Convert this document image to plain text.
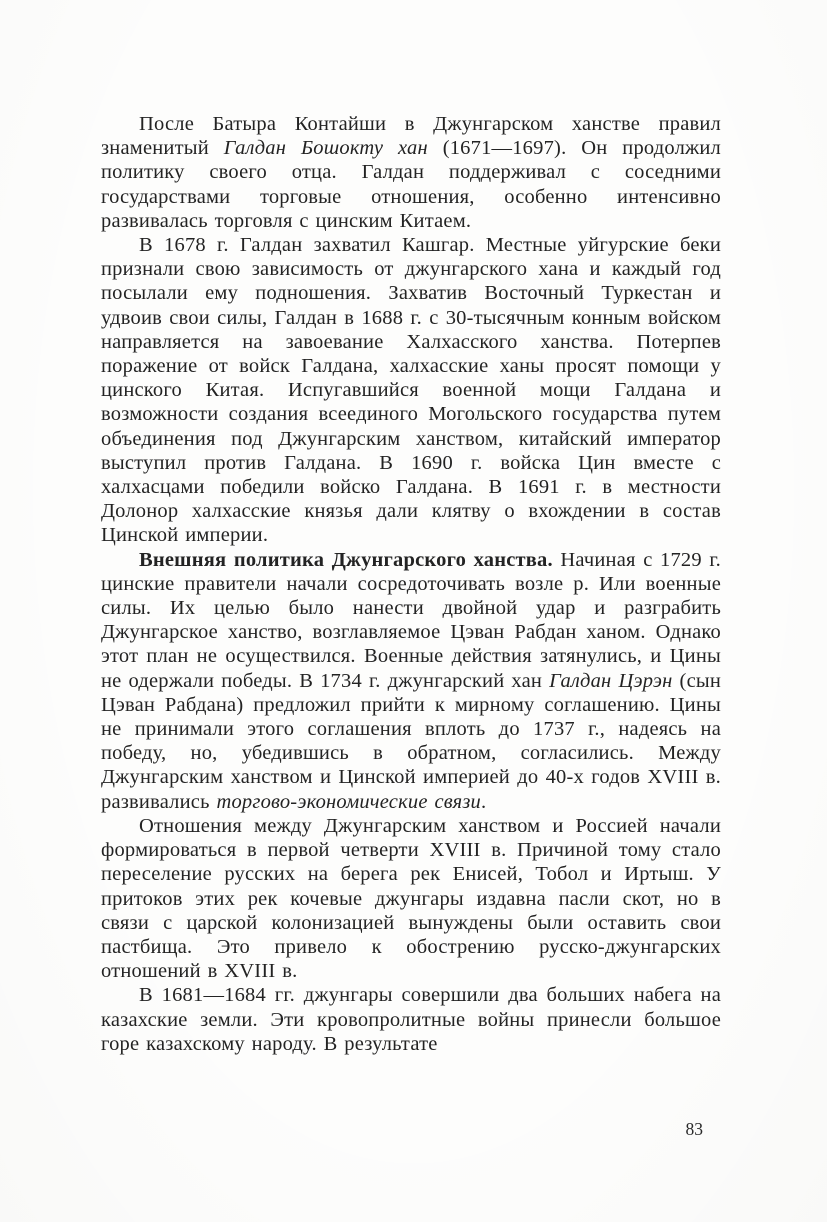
После Батыра Контайши в Джунгарском ханстве правил знаменитый Галдан Бошокту хан (1671—1697). Он продолжил политику своего отца. Галдан поддерживал с соседними государствами торговые отношения, особенно интенсивно развивалась торговля с цинским Китаем.

В 1678 г. Галдан захватил Кашгар. Местные уйгурские беки признали свою зависимость от джунгарского хана и каждый год посылали ему подношения. Захватив Восточный Туркестан и удвоив свои силы, Галдан в 1688 г. с 30-тысячным конным войском направляется на завоевание Халхасского ханства. Потерпев поражение от войск Галдана, халхасские ханы просят помощи у цинского Китая. Испугавшийся военной мощи Галдана и возможности создания всеединого Могольского государства путем объединения под Джунгарским ханством, китайский император выступил против Галдана. В 1690 г. войска Цин вместе с халхасцами победили войско Галдана. В 1691 г. в местности Долонор халхасские князья дали клятву о вхождении в состав Цинской империи.

Внешняя политика Джунгарского ханства. Начиная с 1729 г. цинские правители начали сосредоточивать возле р. Или военные силы. Их целью было нанести двойной удар и разграбить Джунгарское ханство, возглавляемое Цэван Рабдан ханом. Однако этот план не осуществился. Военные действия затянулись, и Цины не одержали победы. В 1734 г. джунгарский хан Галдан Цэрэн (сын Цэван Рабдана) предложил прийти к мирному соглашению. Цины не принимали этого соглашения вплоть до 1737 г., надеясь на победу, но, убедившись в обратном, согласились. Между Джунгарским ханством и Цинской империей до 40-х годов XVIII в. развивались торгово-экономические связи.

Отношения между Джунгарским ханством и Россией начали формироваться в первой четверти XVIII в. Причиной тому стало переселение русских на берега рек Енисей, Тобол и Иртыш. У притоков этих рек кочевые джунгары издавна пасли скот, но в связи с царской колонизацией вынуждены были оставить свои пастбища. Это привело к обострению русско-джунгарских отношений в XVIII в.

В 1681—1684 гг. джунгары совершили два больших набега на казахские земли. Эти кровопролитные войны принесли большое горе казахскому народу. В результате

83
